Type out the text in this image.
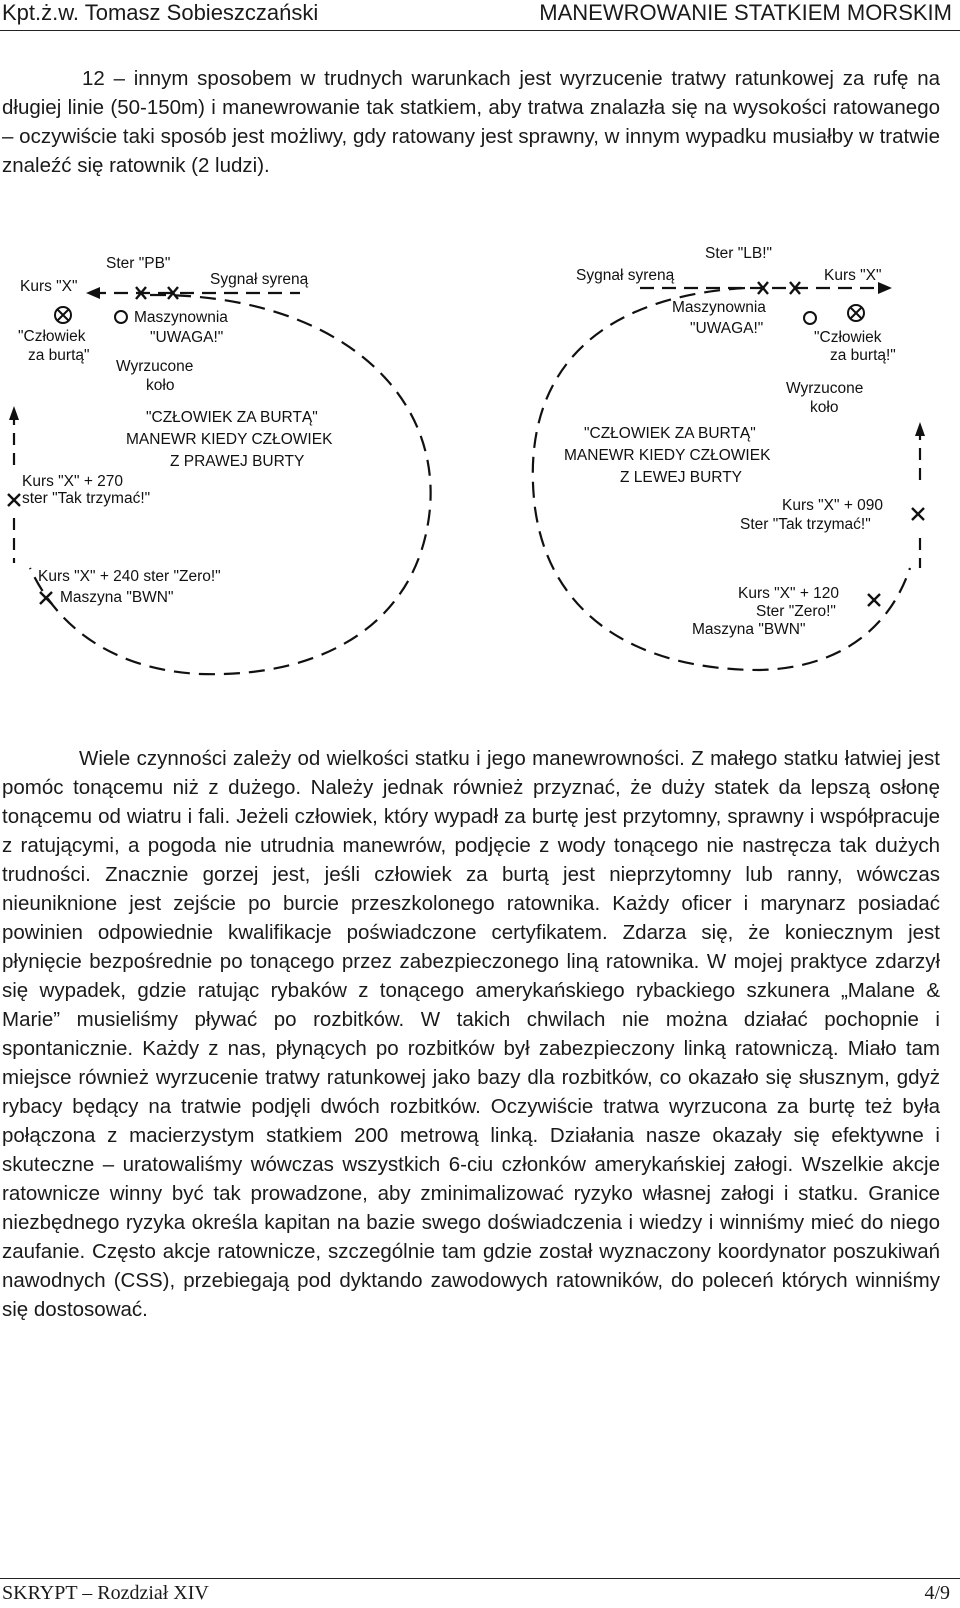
Kpt.ż.w. Tomasz Sobieszczański	MANEWROWANIE STATKIEM MORSKIM

12 – innym sposobem w trudnych warunkach jest wyrzucenie tratwy ratunkowej za rufę na długiej linie (50-150m) i manewrowanie tak statkiem, aby tratwa znalazła się na wysokości ratowanego – oczywiście taki sposób jest możliwy, gdy ratowany jest sprawny, w innym wypadku musiałby w tratwie znaleźć się ratownik (2 ludzi).

Ster "PB"
Kurs "X"	Sygnał syreną
"Człowiek
za burtą"
Maszynownia
"UWAGA!"
Wyrzucone
koło
"CZŁOWIEK ZA BURTĄ"
MANEWR KIEDY CZŁOWIEK
Z PRAWEJ BURTY
Kurs "X" + 270
ster "Tak trzymać!"
Kurs "X" + 240 ster "Zero!"
Maszyna "BWN"
Ster "LB!"
Sygnał syreną	Kurs "X"
Maszynownia
"UWAGA!"
"Człowiek
za burtą!"
Wyrzucone
koło
"CZŁOWIEK ZA BURTĄ"
MANEWR KIEDY CZŁOWIEK
Z LEWEJ BURTY
Kurs "X" + 090
Ster "Tak trzymać!"
Kurs "X" + 120
Ster "Zero!"
Maszyna "BWN"

Wiele czynności zależy od wielkości statku i jego manewrowności. Z małego statku łatwiej jest pomóc tonącemu niż z dużego. Należy jednak również przyznać, że duży statek da lepszą osłonę tonącemu od wiatru i fali. Jeżeli człowiek, który wypadł za burtę jest przytomny, sprawny i współpracuje z ratującymi, a pogoda nie utrudnia manewrów, podjęcie z wody tonącego nie nastręcza tak dużych trudności. Znacznie gorzej jest, jeśli człowiek za burtą jest nieprzytomny lub ranny, wówczas nieuniknione jest zejście po burcie przeszkolonego ratownika. Każdy oficer i marynarz posiadać powinien odpowiednie kwalifikacje poświadczone certyfikatem. Zdarza się, że koniecznym jest płynięcie bezpośrednie po tonącego przez zabezpieczonego liną ratownika. W mojej praktyce zdarzył się wypadek, gdzie ratując rybaków z tonącego amerykańskiego rybackiego szkunera „Malane & Marie” musieliśmy pływać po rozbitków. W takich chwilach nie można działać pochopnie i spontanicznie. Każdy z nas, płynących po rozbitków był zabezpieczony linką ratowniczą. Miało tam miejsce również wyrzucenie tratwy ratunkowej jako bazy dla rozbitków, co okazało się słusznym, gdyż rybacy będący na tratwie podjęli dwóch rozbitków. Oczywiście tratwa wyrzucona za burtę też była połączona z macierzystym statkiem 200 metrową linką. Działania nasze okazały się efektywne i skuteczne – uratowaliśmy wówczas wszystkich 6-ciu członków amerykańskiej załogi. Wszelkie akcje ratownicze winny być tak prowadzone, aby zminimalizować ryzyko własnej załogi i statku. Granice niezbędnego ryzyka określa kapitan na bazie swego doświadczenia i wiedzy i winniśmy mieć do niego zaufanie. Często akcje ratownicze, szczególnie tam gdzie został wyznaczony koordynator poszukiwań nawodnych (CSS), przebiegają pod dyktando zawodowych ratowników, do poleceń których winniśmy się dostosować.

SKRYPT – Rozdział XIV	4/9
